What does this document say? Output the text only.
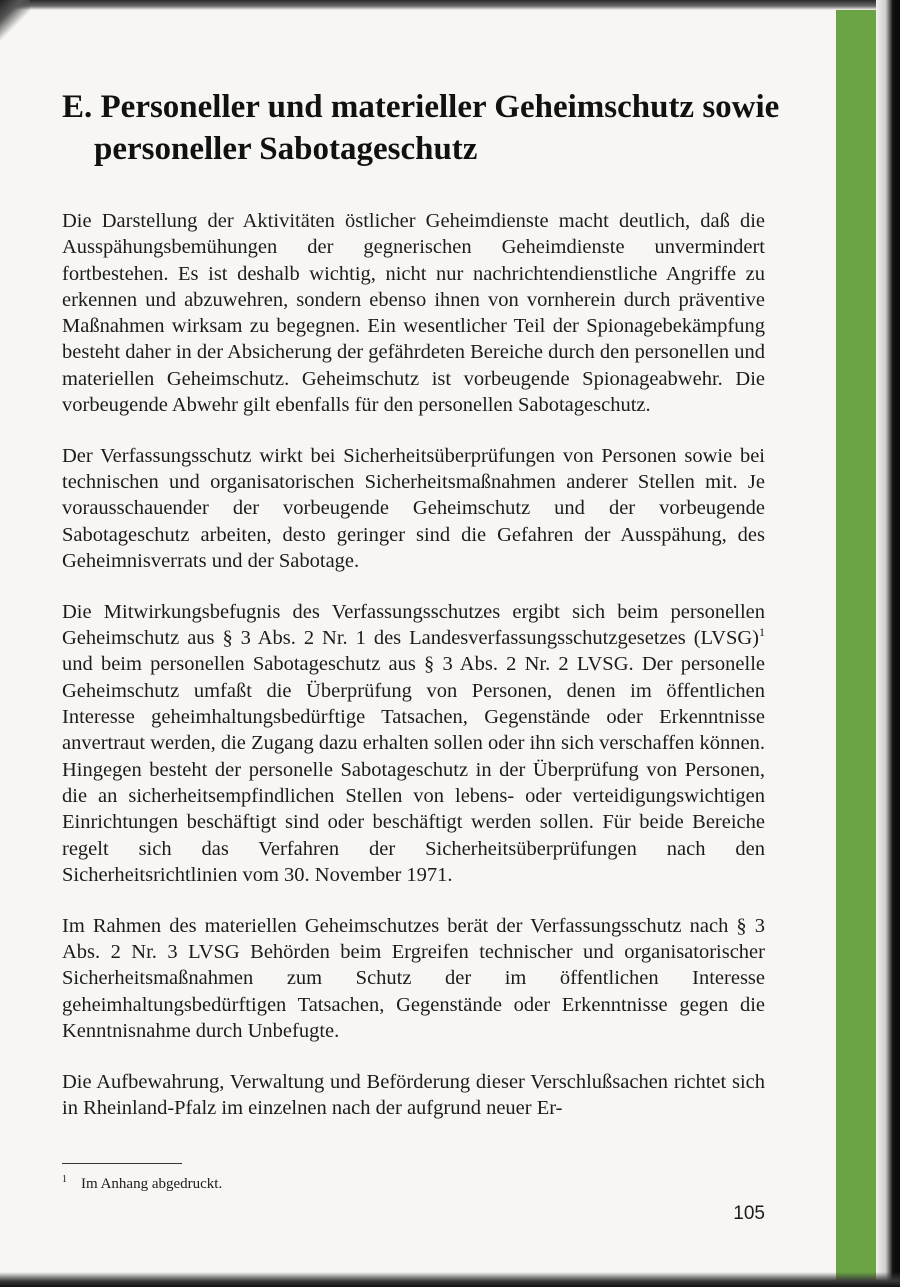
E. Personeller und materieller Geheimschutz sowie
personeller Sabotageschutz

Die Darstellung der Aktivitäten östlicher Geheimdienste macht deutlich, daß die Ausspähungsbemühungen der gegnerischen Geheimdienste unvermindert fortbestehen. Es ist deshalb wichtig, nicht nur nachrichtendienstliche Angriffe zu erkennen und abzuwehren, sondern ebenso ihnen von vornherein durch präventive Maßnahmen wirksam zu begegnen. Ein wesentlicher Teil der Spionagebekämpfung besteht daher in der Absicherung der gefährdeten Bereiche durch den personellen und materiellen Geheimschutz. Geheimschutz ist vorbeugende Spionageabwehr. Die vorbeugende Abwehr gilt ebenfalls für den personellen Sabotageschutz.

Der Verfassungsschutz wirkt bei Sicherheitsüberprüfungen von Personen sowie bei technischen und organisatorischen Sicherheitsmaßnahmen anderer Stellen mit. Je vorausschauender der vorbeugende Geheimschutz und der vorbeugende Sabotageschutz arbeiten, desto geringer sind die Gefahren der Ausspähung, des Geheimnisverrats und der Sabotage.

Die Mitwirkungsbefugnis des Verfassungsschutzes ergibt sich beim personellen Geheimschutz aus § 3 Abs. 2 Nr. 1 des Landesverfassungsschutzgesetzes (LVSG)$^1$ und beim personellen Sabotageschutz aus § 3 Abs. 2 Nr. 2 LVSG. Der personelle Geheimschutz umfaßt die Überprüfung von Personen, denen im öffentlichen Interesse geheimhaltungsbedürftige Tatsachen, Gegenstände oder Erkenntnisse anvertraut werden, die Zugang dazu erhalten sollen oder ihn sich verschaffen können. Hingegen besteht der personelle Sabotageschutz in der Überprüfung von Personen, die an sicherheitsempfindlichen Stellen von lebens- oder verteidigungswichtigen Einrichtungen beschäftigt sind oder beschäftigt werden sollen. Für beide Bereiche regelt sich das Verfahren der Sicherheitsüberprüfungen nach den Sicherheitsrichtlinien vom 30. November 1971.

Im Rahmen des materiellen Geheimschutzes berät der Verfassungsschutz nach § 3 Abs. 2 Nr. 3 LVSG Behörden beim Ergreifen technischer und organisatorischer Sicherheitsmaßnahmen zum Schutz der im öffentlichen Interesse geheimhaltungsbedürftigen Tatsachen, Gegenstände oder Erkenntnisse gegen die Kenntnisnahme durch Unbefugte.

Die Aufbewahrung, Verwaltung und Beförderung dieser Verschlußsachen richtet sich in Rheinland-Pfalz im einzelnen nach der aufgrund neuer Er-

$^1$ Im Anhang abgedruckt.
105
